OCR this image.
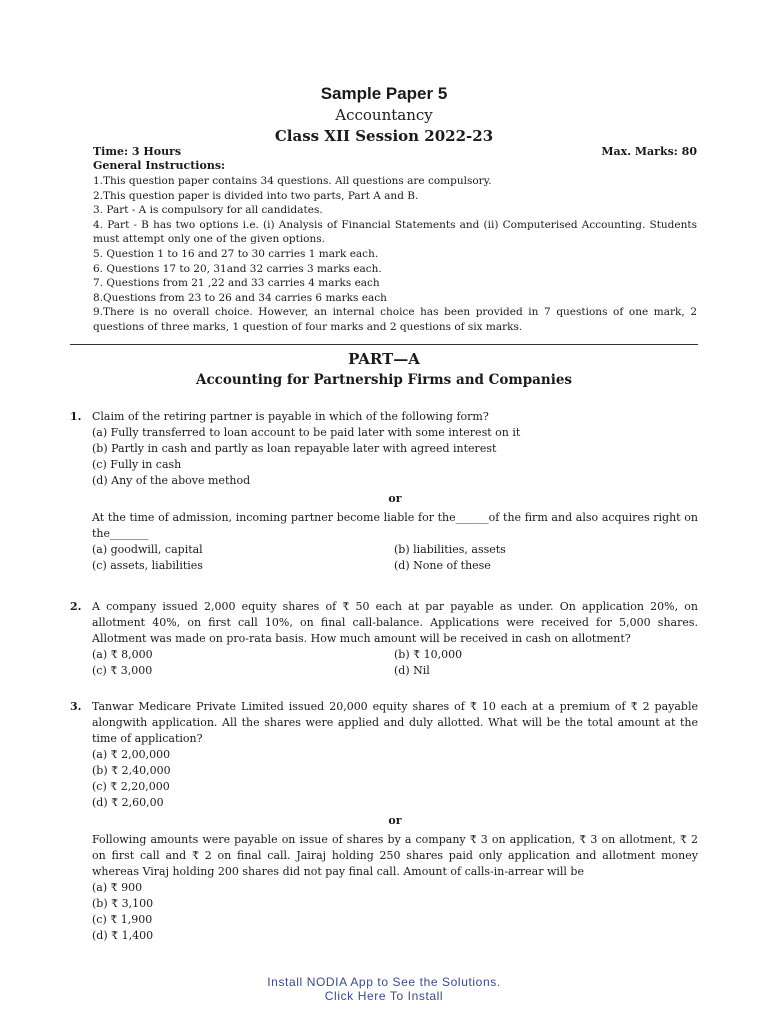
Sample Paper 5
Accountancy
Class XII Session 2022-23
Time: 3 Hours	Max. Marks: 80
General Instructions:
1.This question paper contains 34 questions. All questions are compulsory.
2.This question paper is divided into two parts, Part A and B.
3. Part - A is compulsory for all candidates.
4. Part - B has two options i.e. (i) Analysis of Financial Statements and (ii) Computerised Accounting. Students must attempt only one of the given options.
5. Question 1 to 16 and 27 to 30 carries 1 mark each.
6. Questions 17 to 20, 31and 32 carries 3 marks each.
7. Questions from 21 ,22 and 33 carries 4 marks each
8.Questions from 23 to 26 and 34 carries 6 marks each
9.There is no overall choice. However, an internal choice has been provided in 7 questions of one mark, 2 questions of three marks, 1 question of four marks and 2 questions of six marks.
PART—A
Accounting for Partnership Firms and Companies
1. Claim of the retiring partner is payable in which of the following form?
(a) Fully transferred to loan account to be paid later with some interest on it
(b) Partly in cash and partly as loan repayable later with agreed interest
(c) Fully in cash
(d) Any of the above method
or
At the time of admission, incoming partner become liable for the______of the firm and also acquires right on the_______
(a) goodwill, capital	(b) liabilities, assets
(c) assets, liabilities	(d) None of these
2. A company issued 2,000 equity shares of ₹ 50 each at par payable as under. On application 20%, on allotment 40%, on first call 10%, on final call-balance. Applications were received for 5,000 shares. Allotment was made on pro-rata basis. How much amount will be received in cash on allotment?
(a) ₹ 8,000	(b) ₹ 10,000
(c) ₹ 3,000	(d) Nil
3. Tanwar Medicare Private Limited issued 20,000 equity shares of ₹ 10 each at a premium of ₹ 2 payable alongwith application. All the shares were applied and duly allotted. What will be the total amount at the time of application?
(a) ₹ 2,00,000
(b) ₹ 2,40,000
(c) ₹ 2,20,000
(d) ₹ 2,60,00
or
Following amounts were payable on issue of shares by a company ₹ 3 on application, ₹ 3 on allotment, ₹ 2 on first call and ₹ 2 on final call. Jairaj holding 250 shares paid only application and allotment money whereas Viraj holding 200 shares did not pay final call. Amount of calls-in-arrear will be
(a) ₹ 900
(b) ₹ 3,100
(c) ₹ 1,900
(d) ₹ 1,400
Install NODIA App to See the Solutions.
Click Here To Install
